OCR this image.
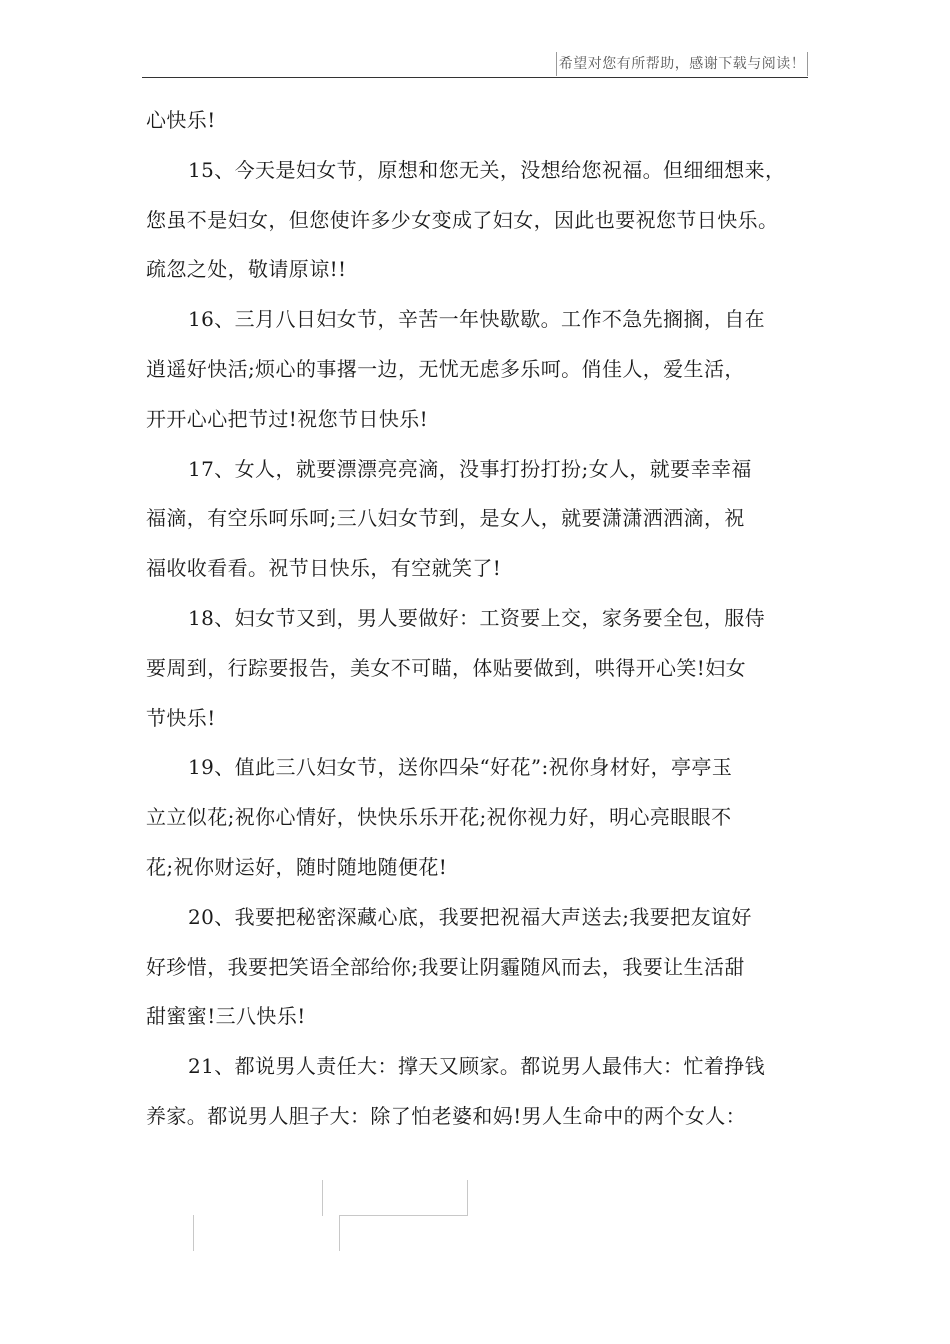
希望对您有所帮助，感谢下载与阅读！
心快乐!
15、今天是妇女节，原想和您无关，没想给您祝福。但细细想来，
您虽不是妇女，但您使许多少女变成了妇女，因此也要祝您节日快乐。
疏忽之处，敬请原谅!!
16、三月八日妇女节，辛苦一年快歇歇。工作不急先搁搁，自在
逍遥好快活;烦心的事撂一边，无忧无虑多乐呵。俏佳人，爱生活，
开开心心把节过!祝您节日快乐!
17、女人，就要漂漂亮亮滴，没事打扮打扮;女人，就要幸幸福
福滴，有空乐呵乐呵;三八妇女节到，是女人，就要潇潇洒洒滴，祝
福收收看看。祝节日快乐，有空就笑了!
18、妇女节又到，男人要做好：工资要上交，家务要全包，服侍
要周到，行踪要报告，美女不可瞄，体贴要做到，哄得开心笑!妇女
节快乐!
19、值此三八妇女节，送你四朵“好花”:祝你身材好，亭亭玉
立立似花;祝你心情好，快快乐乐开花;祝你视力好，明心亮眼眼不
花;祝你财运好，随时随地随便花!
20、我要把秘密深藏心底，我要把祝福大声送去;我要把友谊好
好珍惜，我要把笑语全部给你;我要让阴霾随风而去，我要让生活甜
甜蜜蜜!三八快乐!
21、都说男人责任大：撑天又顾家。都说男人最伟大：忙着挣钱
养家。都说男人胆子大：除了怕老婆和妈!男人生命中的两个女人：
